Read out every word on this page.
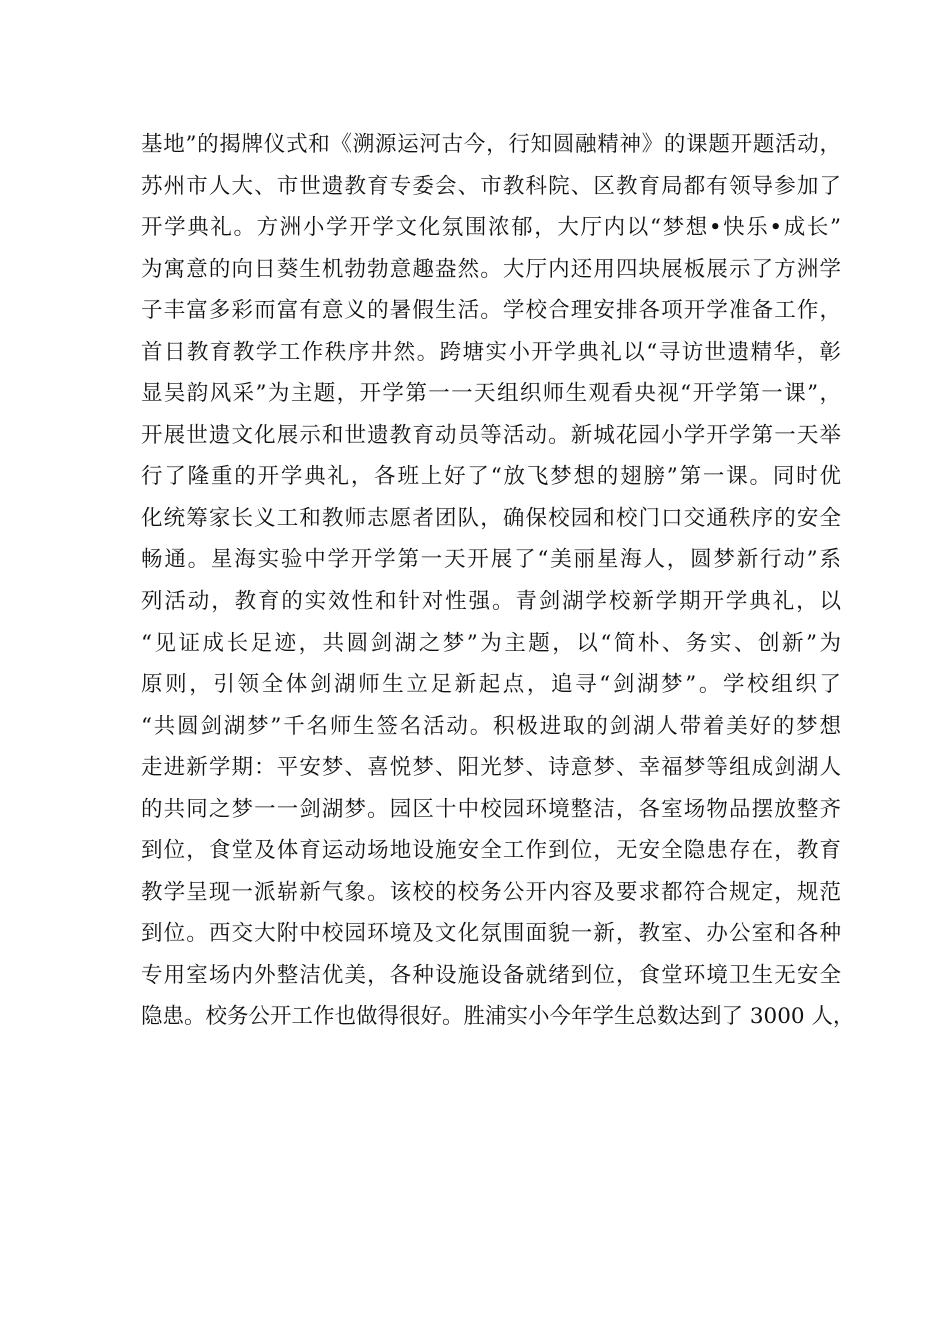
基地”的揭牌仪式和《溯源运河古今，行知圆融精神》的课题开题活动，
苏州市人大、市世遗教育专委会、市教科院、区教育局都有领导参加了
开学典礼。方洲小学开学文化氛围浓郁，大厅内以“梦想•快乐•成长”
为寓意的向日葵生机勃勃意趣盎然。大厅内还用四块展板展示了方洲学
子丰富多彩而富有意义的暑假生活。学校合理安排各项开学准备工作，
首日教育教学工作秩序井然。跨塘实小开学典礼以“寻访世遗精华，彰
显吴韵风采”为主题，开学第一一天组织师生观看央视“开学第一课”，
开展世遗文化展示和世遗教育动员等活动。新城花园小学开学第一天举
行了隆重的开学典礼，各班上好了“放飞梦想的翅膀”第一课。同时优
化统筹家长义工和教师志愿者团队，确保校园和校门口交通秩序的安全
畅通。星海实验中学开学第一天开展了“美丽星海人，圆梦新行动”系
列活动，教育的实效性和针对性强。青剑湖学校新学期开学典礼，以
“见证成长足迹，共圆剑湖之梦”为主题，以“简朴、务实、创新”为
原则，引领全体剑湖师生立足新起点，追寻“剑湖梦”。学校组织了
“共圆剑湖梦”千名师生签名活动。积极进取的剑湖人带着美好的梦想
走进新学期：平安梦、喜悦梦、阳光梦、诗意梦、幸福梦等组成剑湖人
的共同之梦一一剑湖梦。园区十中校园环境整洁，各室场物品摆放整齐
到位，食堂及体育运动场地设施安全工作到位，无安全隐患存在，教育
教学呈现一派崭新气象。该校的校务公开内容及要求都符合规定，规范
到位。西交大附中校园环境及文化氛围面貌一新，教室、办公室和各种
专用室场内外整洁优美，各种设施设备就绪到位，食堂环境卫生无安全
隐患。校务公开工作也做得很好。胜浦实小今年学生总数达到了 3000 人，
